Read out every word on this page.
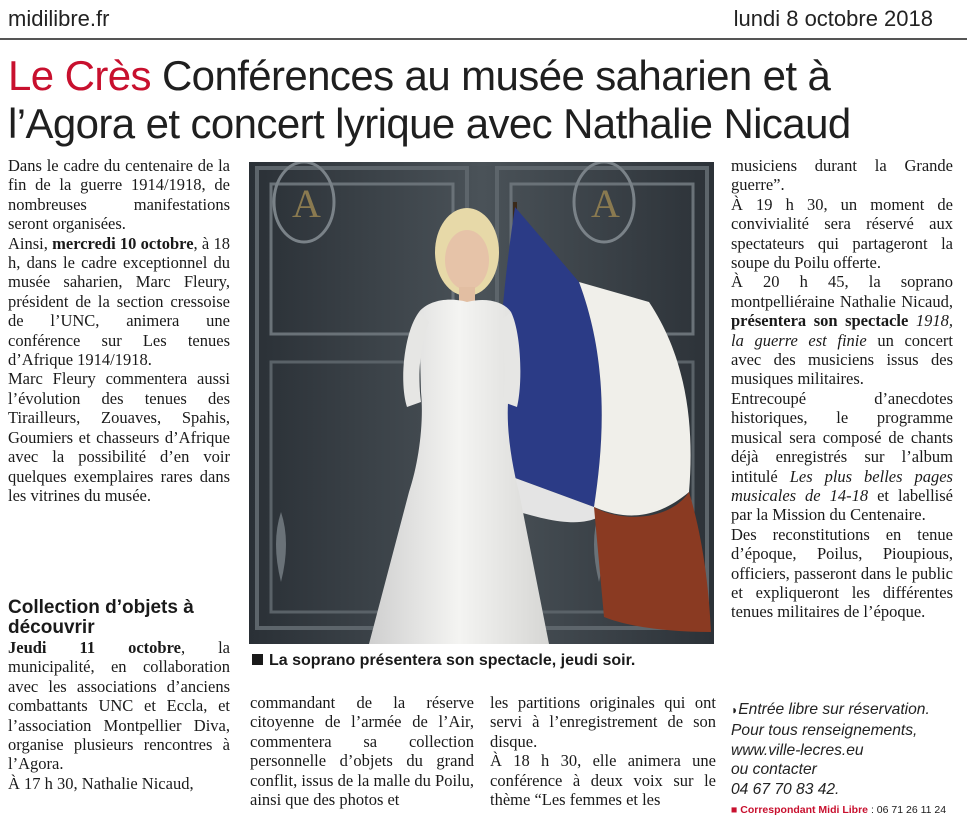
midilibre.fr	lundi 8 octobre 2018
Le Crès Conférences au musée saharien et à
l’Agora et concert lyrique avec Nathalie Nicaud

Dans le cadre du centenaire de la fin de la guerre 1914/1918, de nombreuses manifestations seront organisées.

Ainsi, mercredi 10 octobre, à 18 h, dans le cadre exceptionnel du musée saharien, Marc Fleury, président de la section cressoise de l’UNC, animera une conférence sur Les tenues d’Afrique 1914/1918.

Marc Fleury commentera aussi l’évolution des tenues des Tirailleurs, Zouaves, Spahis, Goumiers et chasseurs d’Afrique avec la possibilité d’en voir quelques exemplaires rares dans les vitrines du musée.

Collection d’objets à découvrir

Jeudi 11 octobre, la municipalité, en collaboration avec les associations d’anciens combattants UNC et Eccla, et l’association Montpellier Diva, organise plusieurs rencontres à l’Agora.

À 17 h 30, Nathalie Nicaud,

A	A
La soprano présentera son spectacle, jeudi soir.

commandant de la réserve citoyenne de l’armée de l’Air, commentera sa collection personnelle d’objets du grand conflit, issus de la malle du Poilu, ainsi que des photos et

les partitions originales qui ont servi à l’enregistrement de son disque.

À 18 h 30, elle animera une conférence à deux voix sur le thème “Les femmes et les

musiciens durant la Grande guerre”.

À 19 h 30, un moment de convivialité sera réservé aux spectateurs qui partageront la soupe du Poilu offerte.

À 20 h 45, la soprano montpelliéraine Nathalie Nicaud, présentera son spectacle 1918, la guerre est finie un concert avec des musiciens issus des musiques militaires.

Entrecoupé d’anecdotes historiques, le programme musical sera composé de chants déjà enregistrés sur l’album intitulé Les plus belles pages musicales de 14-18 et labellisé par la Mission du Centenaire.

Des reconstitutions en tenue d’époque, Poilus, Pioupious, officiers, passeront dans le public et expliqueront les différentes tenues militaires de l’époque.

◗Entrée libre sur réservation.
Pour tous renseignements,
www.ville-lecres.eu
ou contacter
04 67 70 83 42.
■ Correspondant Midi Libre : 06 71 26 11 24
